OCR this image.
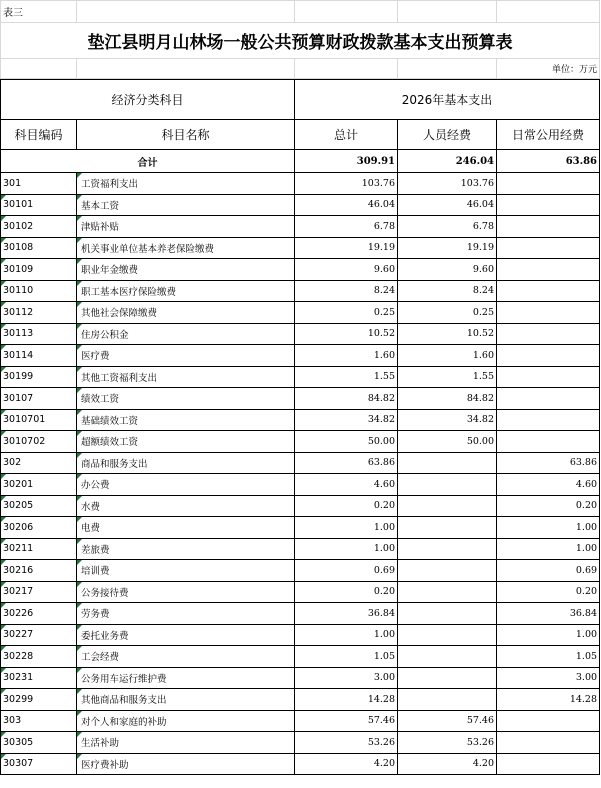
表三				
垫江县明月山林场一般公共预算财政拨款基本支出预算表				
				单位：万元
经济分类科目		2026年基本支出		
科目编码	科目名称	总计	人员经费	日常公用经费
合计		309.91	246.04	63.86
301	工资福利支出	103.76	103.76	

30101	基本工资	46.04	46.04	

30102	津贴补贴	6.78	6.78	

30108	机关事业单位基本养老保险缴费	19.19	19.19	

30109	职业年金缴费	9.60	9.60	

30110	职工基本医疗保险缴费	8.24	8.24	

30112	其他社会保障缴费	0.25	0.25	

30113	住房公积金	10.52	10.52	

30114	医疗费	1.60	1.60	

30199	其他工资福利支出	1.55	1.55	
30107	绩效工资	84.82	84.82	

3010701	基础绩效工资	34.82	34.82	

3010702	超额绩效工资	50.00	50.00	
302	商品和服务支出	63.86		63.86

30201	办公费	4.60		4.60

30205	水费	0.20		0.20

30206	电费	1.00		1.00

30211	差旅费	1.00		1.00

30216	培训费	0.69		0.69

30217	公务接待费	0.20		0.20

30226	劳务费	36.84		36.84

30227	委托业务费	1.00		1.00

30228	工会经费	1.05		1.05

30231	公务用车运行维护费	3.00		3.00

30299	其他商品和服务支出	14.28		14.28
303	对个人和家庭的补助	57.46	57.46	

30305	生活补助	53.26	53.26	

30307	医疗费补助	4.20	4.20	
